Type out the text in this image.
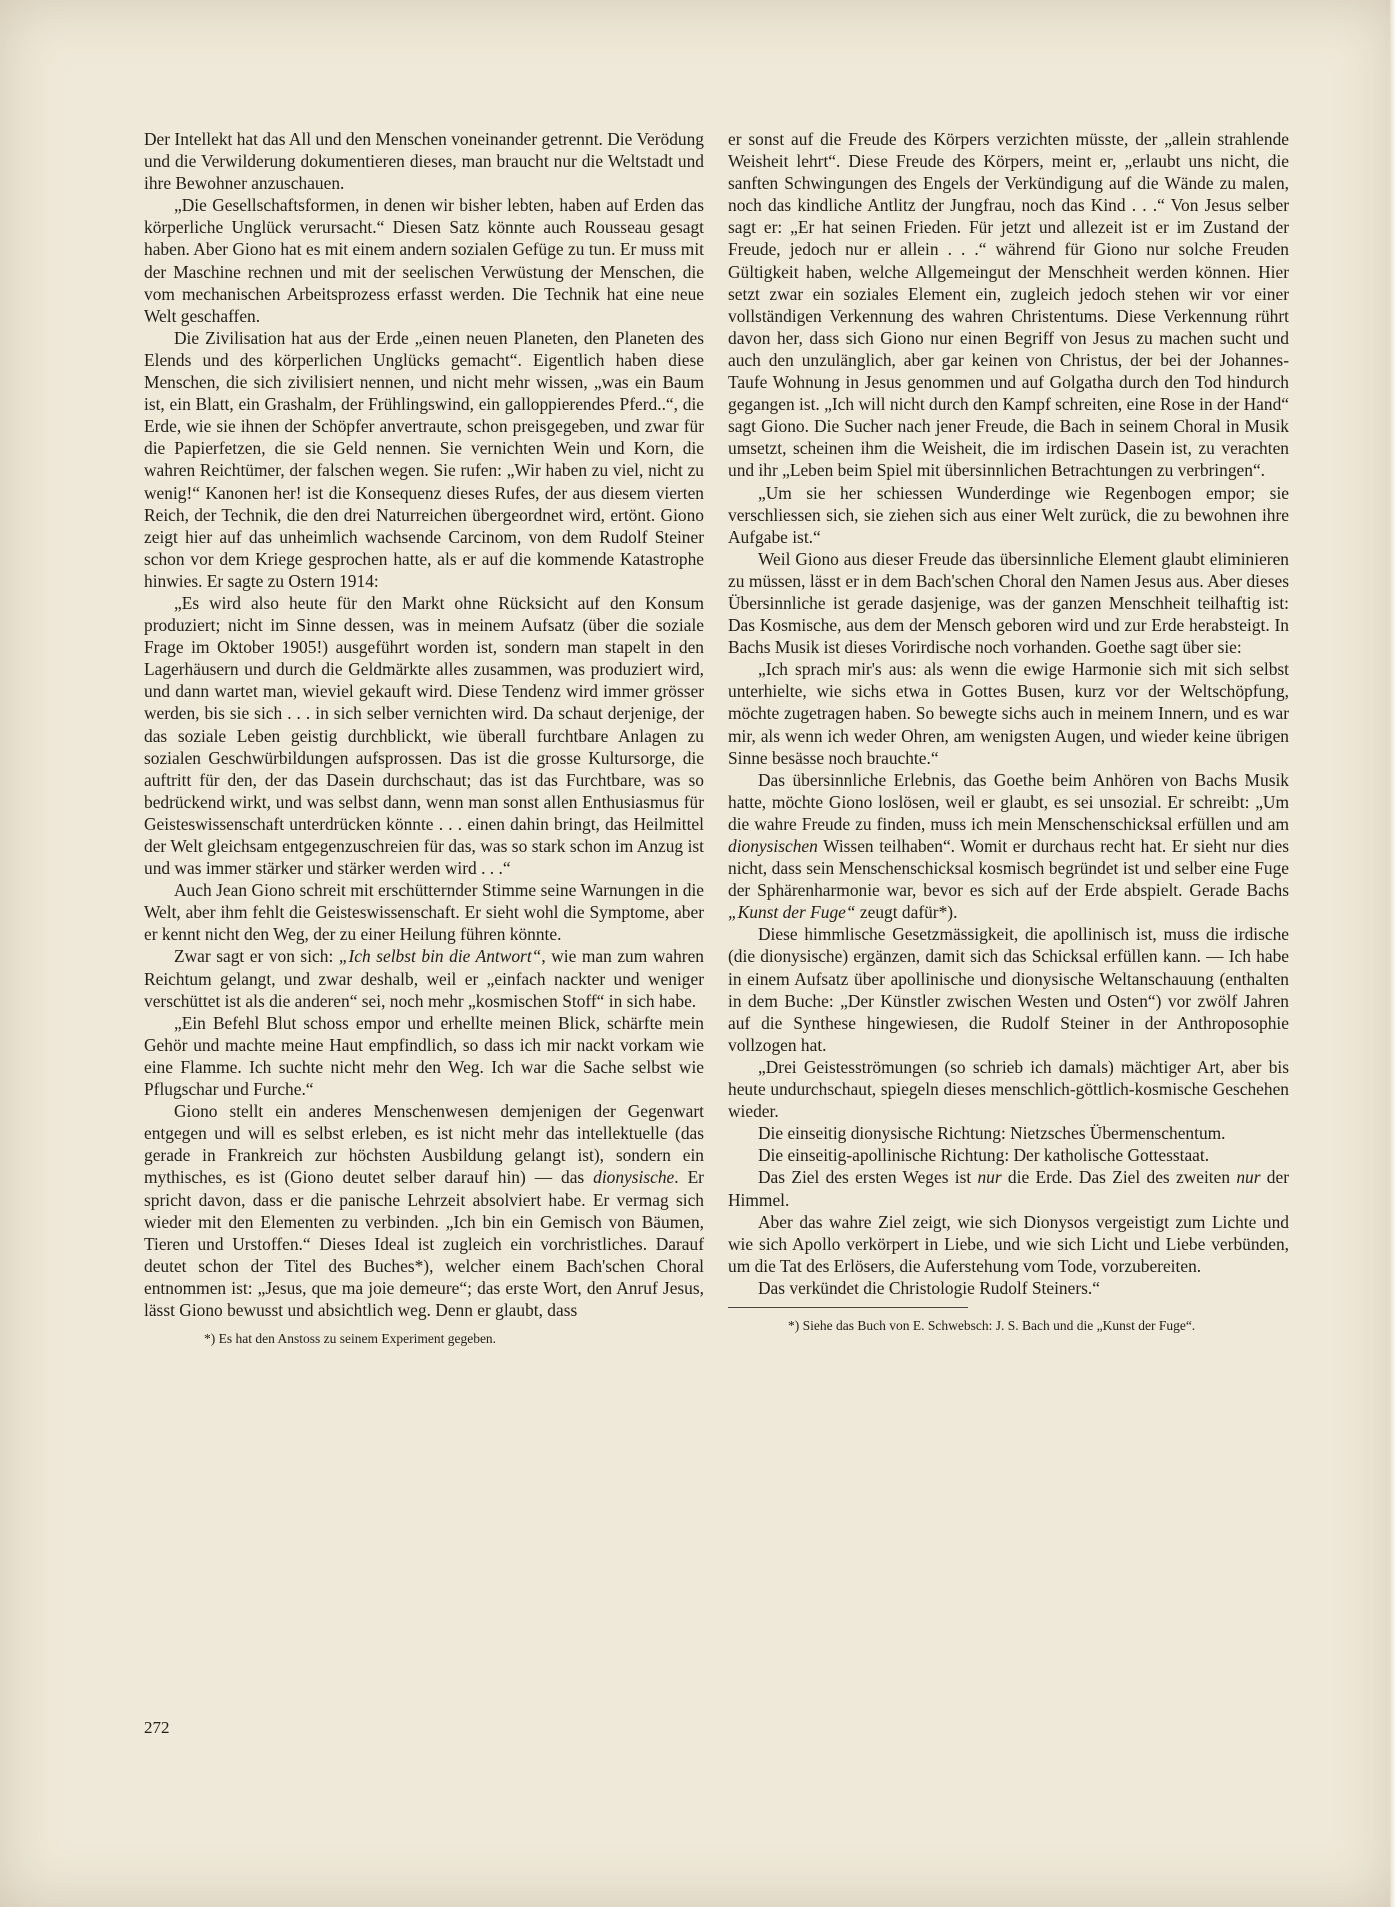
Der Intellekt hat das All und den Menschen voneinander getrennt. Die Verödung und die Verwilderung dokumentieren dieses, man braucht nur die Weltstadt und ihre Bewohner anzuschauen.

„Die Gesellschaftsformen, in denen wir bisher lebten, haben auf Erden das körperliche Unglück verursacht.“ Diesen Satz könnte auch Rousseau gesagt haben. Aber Giono hat es mit einem andern sozialen Gefüge zu tun. Er muss mit der Maschine rechnen und mit der seelischen Verwüstung der Menschen, die vom mechanischen Arbeitsprozess erfasst werden. Die Technik hat eine neue Welt geschaffen.

Die Zivilisation hat aus der Erde „einen neuen Planeten, den Planeten des Elends und des körperlichen Unglücks gemacht“. Eigentlich haben diese Menschen, die sich zivilisiert nennen, und nicht mehr wissen, „was ein Baum ist, ein Blatt, ein Grashalm, der Frühlingswind, ein galloppierendes Pferd..“, die Erde, wie sie ihnen der Schöpfer anvertraute, schon preisgegeben, und zwar für die Papierfetzen, die sie Geld nennen. Sie vernichten Wein und Korn, die wahren Reichtümer, der falschen wegen. Sie rufen: „Wir haben zu viel, nicht zu wenig!“ Kanonen her! ist die Konsequenz dieses Rufes, der aus diesem vierten Reich, der Technik, die den drei Naturreichen übergeordnet wird, ertönt. Giono zeigt hier auf das unheimlich wachsende Carcinom, von dem Rudolf Steiner schon vor dem Kriege gesprochen hatte, als er auf die kommende Katastrophe hinwies. Er sagte zu Ostern 1914:

„Es wird also heute für den Markt ohne Rücksicht auf den Konsum produziert; nicht im Sinne dessen, was in meinem Aufsatz (über die soziale Frage im Oktober 1905!) ausgeführt worden ist, sondern man stapelt in den Lagerhäusern und durch die Geldmärkte alles zusammen, was produziert wird, und dann wartet man, wieviel gekauft wird. Diese Tendenz wird immer grösser werden, bis sie sich . . . in sich selber vernichten wird. Da schaut derjenige, der das soziale Leben geistig durchblickt, wie überall furchtbare Anlagen zu sozialen Geschwürbildungen aufsprossen. Das ist die grosse Kultursorge, die auftritt für den, der das Dasein durchschaut; das ist das Furchtbare, was so bedrückend wirkt, und was selbst dann, wenn man sonst allen Enthusiasmus für Geisteswissenschaft unterdrücken könnte . . . einen dahin bringt, das Heilmittel der Welt gleichsam entgegenzuschreien für das, was so stark schon im Anzug ist und was immer stärker und stärker werden wird . . .“

Auch Jean Giono schreit mit erschütternder Stimme seine Warnungen in die Welt, aber ihm fehlt die Geisteswissenschaft. Er sieht wohl die Symptome, aber er kennt nicht den Weg, der zu einer Heilung führen könnte.

Zwar sagt er von sich: „Ich selbst bin die Antwort“, wie man zum wahren Reichtum gelangt, und zwar deshalb, weil er „einfach nackter und weniger verschüttet ist als die anderen“ sei, noch mehr „kosmischen Stoff“ in sich habe.

„Ein Befehl Blut schoss empor und erhellte meinen Blick, schärfte mein Gehör und machte meine Haut empfindlich, so dass ich mir nackt vorkam wie eine Flamme. Ich suchte nicht mehr den Weg. Ich war die Sache selbst wie Pflugschar und Furche.“

Giono stellt ein anderes Menschenwesen demjenigen der Gegenwart entgegen und will es selbst erleben, es ist nicht mehr das intellektuelle (das gerade in Frankreich zur höchsten Ausbildung gelangt ist), sondern ein mythisches, es ist (Giono deutet selber darauf hin) — das dionysische. Er spricht davon, dass er die panische Lehrzeit absolviert habe. Er vermag sich wieder mit den Elementen zu verbinden. „Ich bin ein Gemisch von Bäumen, Tieren und Urstoffen.“ Dieses Ideal ist zugleich ein vorchristliches. Darauf deutet schon der Titel des Buches*), welcher einem Bach'schen Choral entnommen ist: „Jesus, que ma joie demeure“; das erste Wort, den Anruf Jesus, lässt Giono bewusst und absichtlich weg. Denn er glaubt, dass

*) Es hat den Anstoss zu seinem Experiment gegeben.

er sonst auf die Freude des Körpers verzichten müsste, der „allein strahlende Weisheit lehrt“. Diese Freude des Körpers, meint er, „erlaubt uns nicht, die sanften Schwingungen des Engels der Verkündigung auf die Wände zu malen, noch das kindliche Antlitz der Jungfrau, noch das Kind . . .“ Von Jesus selber sagt er: „Er hat seinen Frieden. Für jetzt und allezeit ist er im Zustand der Freude, jedoch nur er allein . . .“ während für Giono nur solche Freuden Gültigkeit haben, welche Allgemeingut der Menschheit werden können. Hier setzt zwar ein soziales Element ein, zugleich jedoch stehen wir vor einer vollständigen Verkennung des wahren Christentums. Diese Verkennung rührt davon her, dass sich Giono nur einen Begriff von Jesus zu machen sucht und auch den unzulänglich, aber gar keinen von Christus, der bei der Johannes-Taufe Wohnung in Jesus genommen und auf Golgatha durch den Tod hindurch gegangen ist. „Ich will nicht durch den Kampf schreiten, eine Rose in der Hand“ sagt Giono. Die Sucher nach jener Freude, die Bach in seinem Choral in Musik umsetzt, scheinen ihm die Weisheit, die im irdischen Dasein ist, zu verachten und ihr „Leben beim Spiel mit übersinnlichen Betrachtungen zu verbringen“.

„Um sie her schiessen Wunderdinge wie Regenbogen empor; sie verschliessen sich, sie ziehen sich aus einer Welt zurück, die zu bewohnen ihre Aufgabe ist.“

Weil Giono aus dieser Freude das übersinnliche Element glaubt eliminieren zu müssen, lässt er in dem Bach'schen Choral den Namen Jesus aus. Aber dieses Übersinnliche ist gerade dasjenige, was der ganzen Menschheit teilhaftig ist: Das Kosmische, aus dem der Mensch geboren wird und zur Erde herabsteigt. In Bachs Musik ist dieses Vorirdische noch vorhanden. Goethe sagt über sie:

„Ich sprach mir's aus: als wenn die ewige Harmonie sich mit sich selbst unterhielte, wie sichs etwa in Gottes Busen, kurz vor der Weltschöpfung, möchte zugetragen haben. So bewegte sichs auch in meinem Innern, und es war mir, als wenn ich weder Ohren, am wenigsten Augen, und wieder keine übrigen Sinne besässe noch brauchte.“

Das übersinnliche Erlebnis, das Goethe beim Anhören von Bachs Musik hatte, möchte Giono loslösen, weil er glaubt, es sei unsozial. Er schreibt: „Um die wahre Freude zu finden, muss ich mein Menschenschicksal erfüllen und am dionysischen Wissen teilhaben“. Womit er durchaus recht hat. Er sieht nur dies nicht, dass sein Menschenschicksal kosmisch begründet ist und selber eine Fuge der Sphärenharmonie war, bevor es sich auf der Erde abspielt. Gerade Bachs „Kunst der Fuge“ zeugt dafür*).

Diese himmlische Gesetzmässigkeit, die apollinisch ist, muss die irdische (die dionysische) ergänzen, damit sich das Schicksal erfüllen kann. — Ich habe in einem Aufsatz über apollinische und dionysische Weltanschauung (enthalten in dem Buche: „Der Künstler zwischen Westen und Osten“) vor zwölf Jahren auf die Synthese hingewiesen, die Rudolf Steiner in der Anthroposophie vollzogen hat.

„Drei Geistesströmungen (so schrieb ich damals) mächtiger Art, aber bis heute undurchschaut, spiegeln dieses menschlich-göttlich-kosmische Geschehen wieder.

Die einseitig dionysische Richtung: Nietzsches Übermenschentum.

Die einseitig-apollinische Richtung: Der katholische Gottesstaat.

Das Ziel des ersten Weges ist nur die Erde. Das Ziel des zweiten nur der Himmel.

Aber das wahre Ziel zeigt, wie sich Dionysos vergeistigt zum Lichte und wie sich Apollo verkörpert in Liebe, und wie sich Licht und Liebe verbünden, um die Tat des Erlösers, die Auferstehung vom Tode, vorzubereiten.

Das verkündet die Christologie Rudolf Steiners.“

*) Siehe das Buch von E. Schwebsch: J. S. Bach und die „Kunst der Fuge“.
272
